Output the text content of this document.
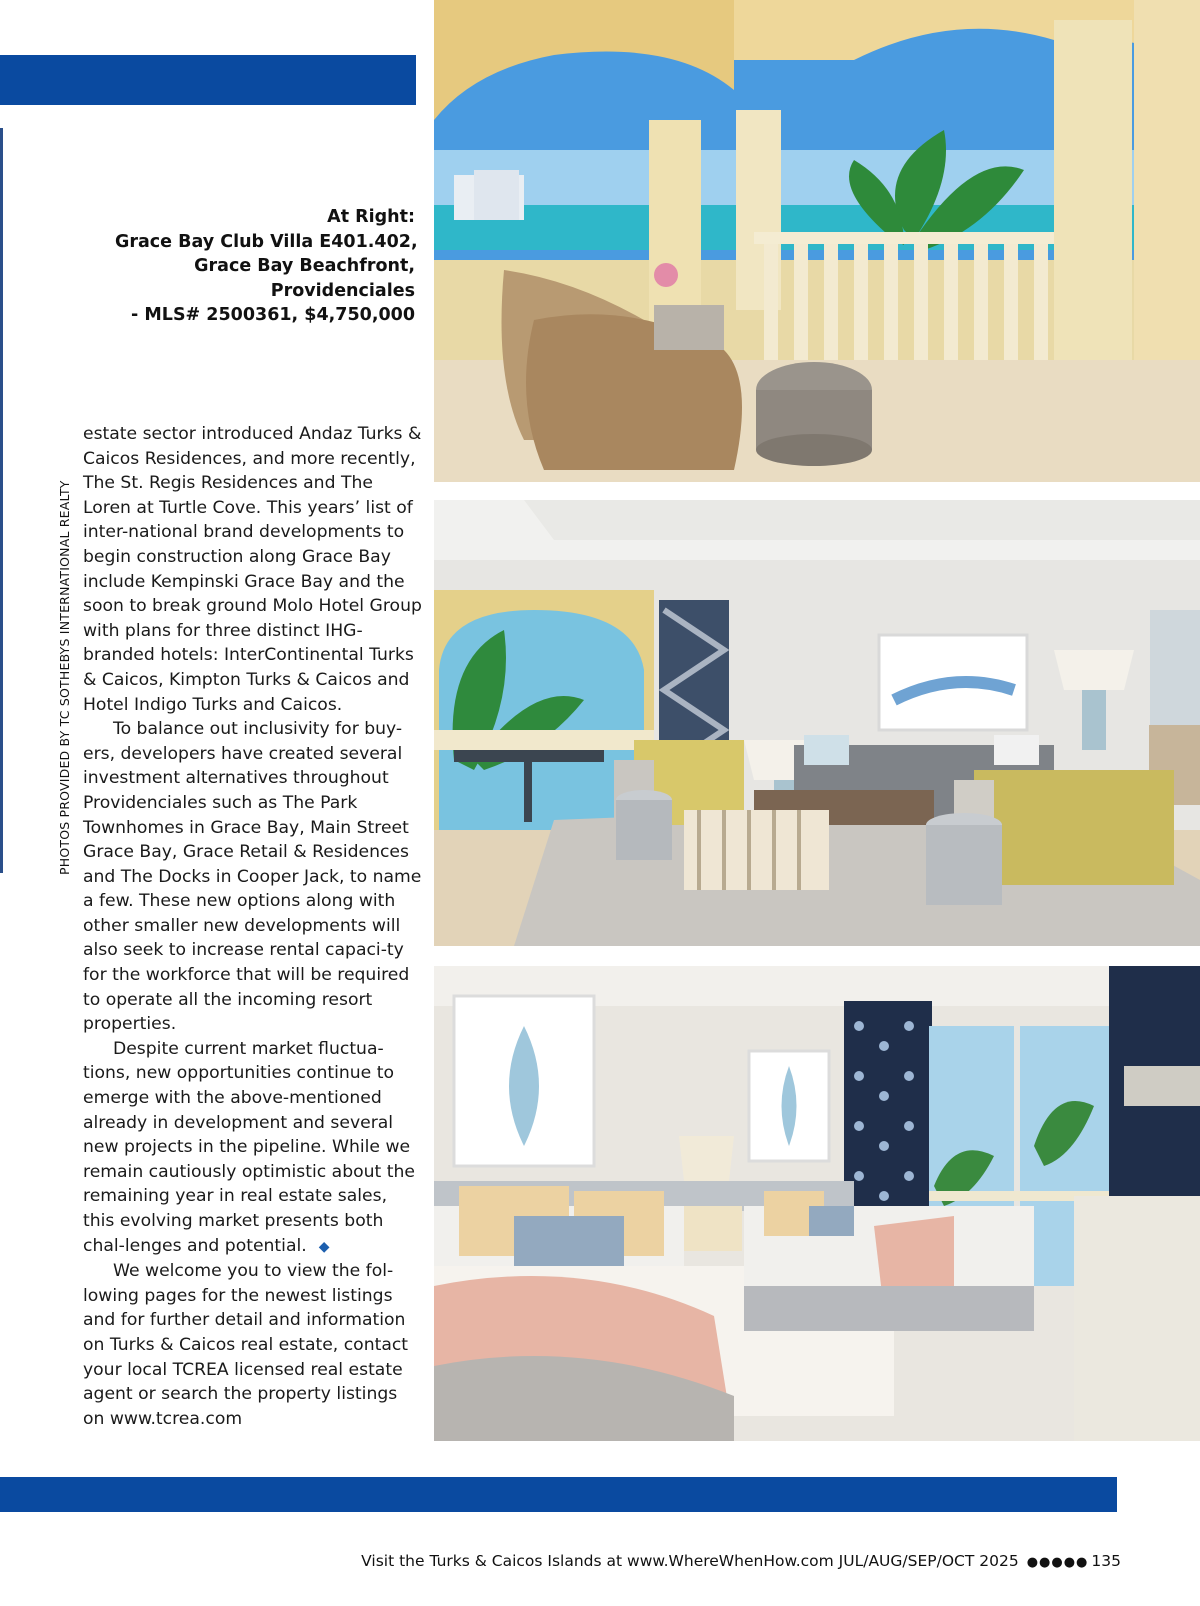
PHOTOS PROVIDED BY TC SOTHEBYS INTERNATIONAL REALTY
At Right:
Grace Bay Club Villa E401.402,
Grace Bay Beachfront,
Providenciales
- MLS# 2500361, $4,750,000

estate sector introduced Andaz Turks & Caicos Residences, and more recently, The St. Regis Residences and The Loren at Turtle Cove. This years’ list of inter-national brand developments to begin construction along Grace Bay include Kempinski Grace Bay and the soon to break ground Molo Hotel Group with plans for three distinct IHG-branded hotels: InterContinental Turks & Caicos, Kimpton Turks & Caicos and Hotel Indigo Turks and Caicos.

To balance out inclusivity for buy-ers, developers have created several investment alternatives throughout Providenciales such as The Park Townhomes in Grace Bay, Main Street Grace Bay, Grace Retail & Residences and The Docks in Cooper Jack, to name a few. These new options along with other smaller new developments will also seek to increase rental capaci-ty for the workforce that will be required to operate all the incoming resort properties.

Despite current market fluctua-tions, new opportunities continue to emerge with the above-mentioned already in development and several new projects in the pipeline. While we remain cautiously optimistic about the remaining year in real estate sales, this evolving market presents both chal-lenges and potential. ◆

We welcome you to view the fol-lowing pages for the newest listings and for further detail and information on Turks & Caicos real estate, contact your local TCREA licensed real estate agent or search the property listings on www.tcrea.com

Visit the Turks & Caicos Islands at www.WhereWhenHow.com JUL/AUG/SEP/OCT 2025 ●●●●● 135
